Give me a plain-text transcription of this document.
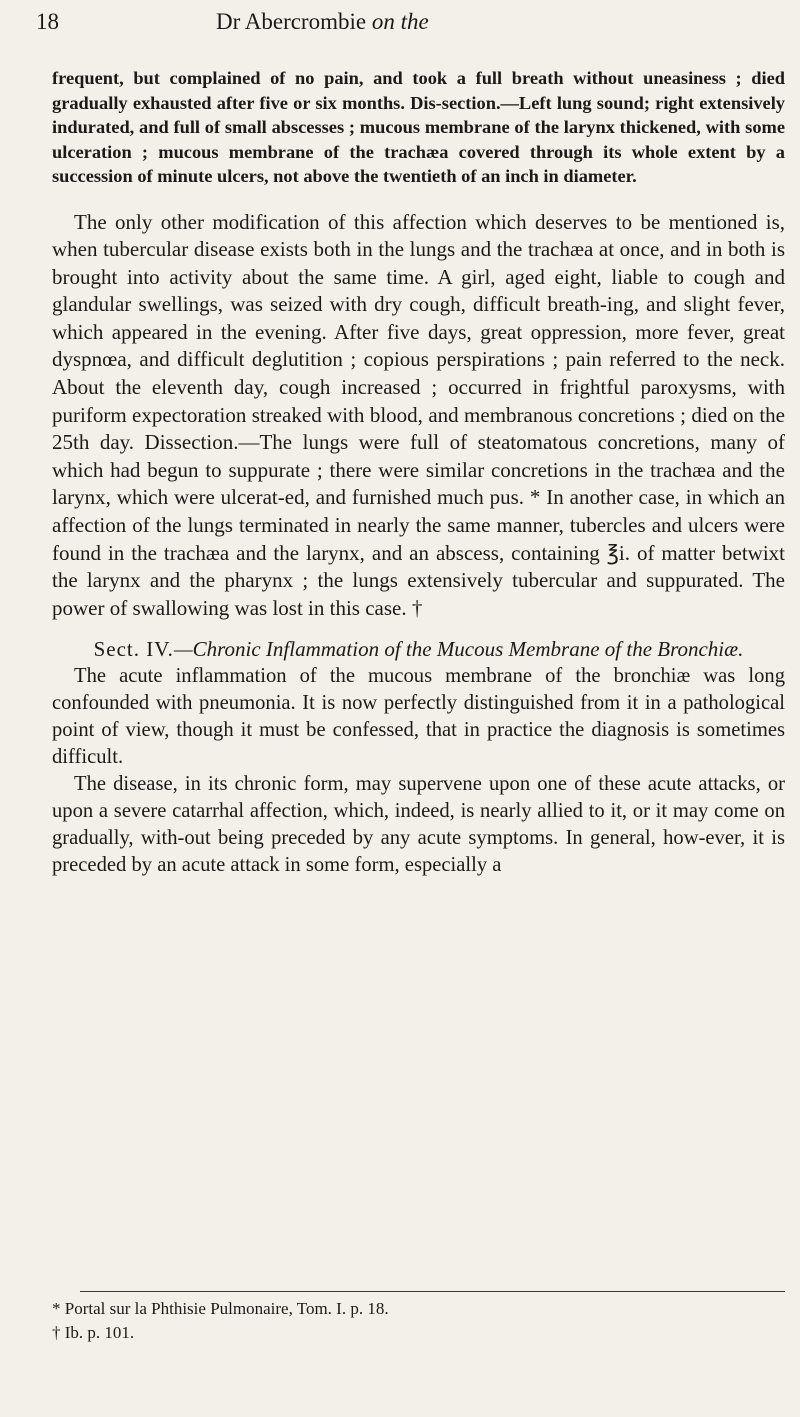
18	Dr Abercrombie on the

frequent, but complained of no pain, and took a full breath without uneasiness ; died gradually exhausted after five or six months. Dis-section.—Left lung sound; right extensively indurated, and full of small abscesses ; mucous membrane of the larynx thickened, with some ulceration ; mucous membrane of the trachæa covered through its whole extent by a succession of minute ulcers, not above the twentieth of an inch in diameter.

The only other modification of this affection which deserves to be mentioned is, when tubercular disease exists both in the lungs and the trachæa at once, and in both is brought into activity about the same time. A girl, aged eight, liable to cough and glandular swellings, was seized with dry cough, difficult breath-ing, and slight fever, which appeared in the evening. After five days, great oppression, more fever, great dyspnœa, and difficult deglutition ; copious perspirations ; pain referred to the neck. About the eleventh day, cough increased ; occurred in frightful paroxysms, with puriform expectoration streaked with blood, and membranous concretions ; died on the 25th day. Dissection.—The lungs were full of steatomatous concretions, many of which had begun to suppurate ; there were similar concretions in the trachæa and the larynx, which were ulcerat-ed, and furnished much pus. * In another case, in which an affection of the lungs terminated in nearly the same manner, tubercles and ulcers were found in the trachæa and the larynx, and an abscess, containing ℥i. of matter betwixt the larynx and the pharynx ; the lungs extensively tubercular and suppurated. The power of swallowing was lost in this case. †

Sect. IV.—Chronic Inflammation of the Mucous Membrane of the Bronchiæ.

The acute inflammation of the mucous membrane of the bronchiæ was long confounded with pneumonia. It is now perfectly distinguished from it in a pathological point of view, though it must be confessed, that in practice the diagnosis is sometimes difficult.

The disease, in its chronic form, may supervene upon one of these acute attacks, or upon a severe catarrhal affection, which, indeed, is nearly allied to it, or it may come on gradually, with-out being preceded by any acute symptoms. In general, how-ever, it is preceded by an acute attack in some form, especially a

* Portal sur la Phthisie Pulmonaire, Tom. I. p. 18.
† Ib. p. 101.
